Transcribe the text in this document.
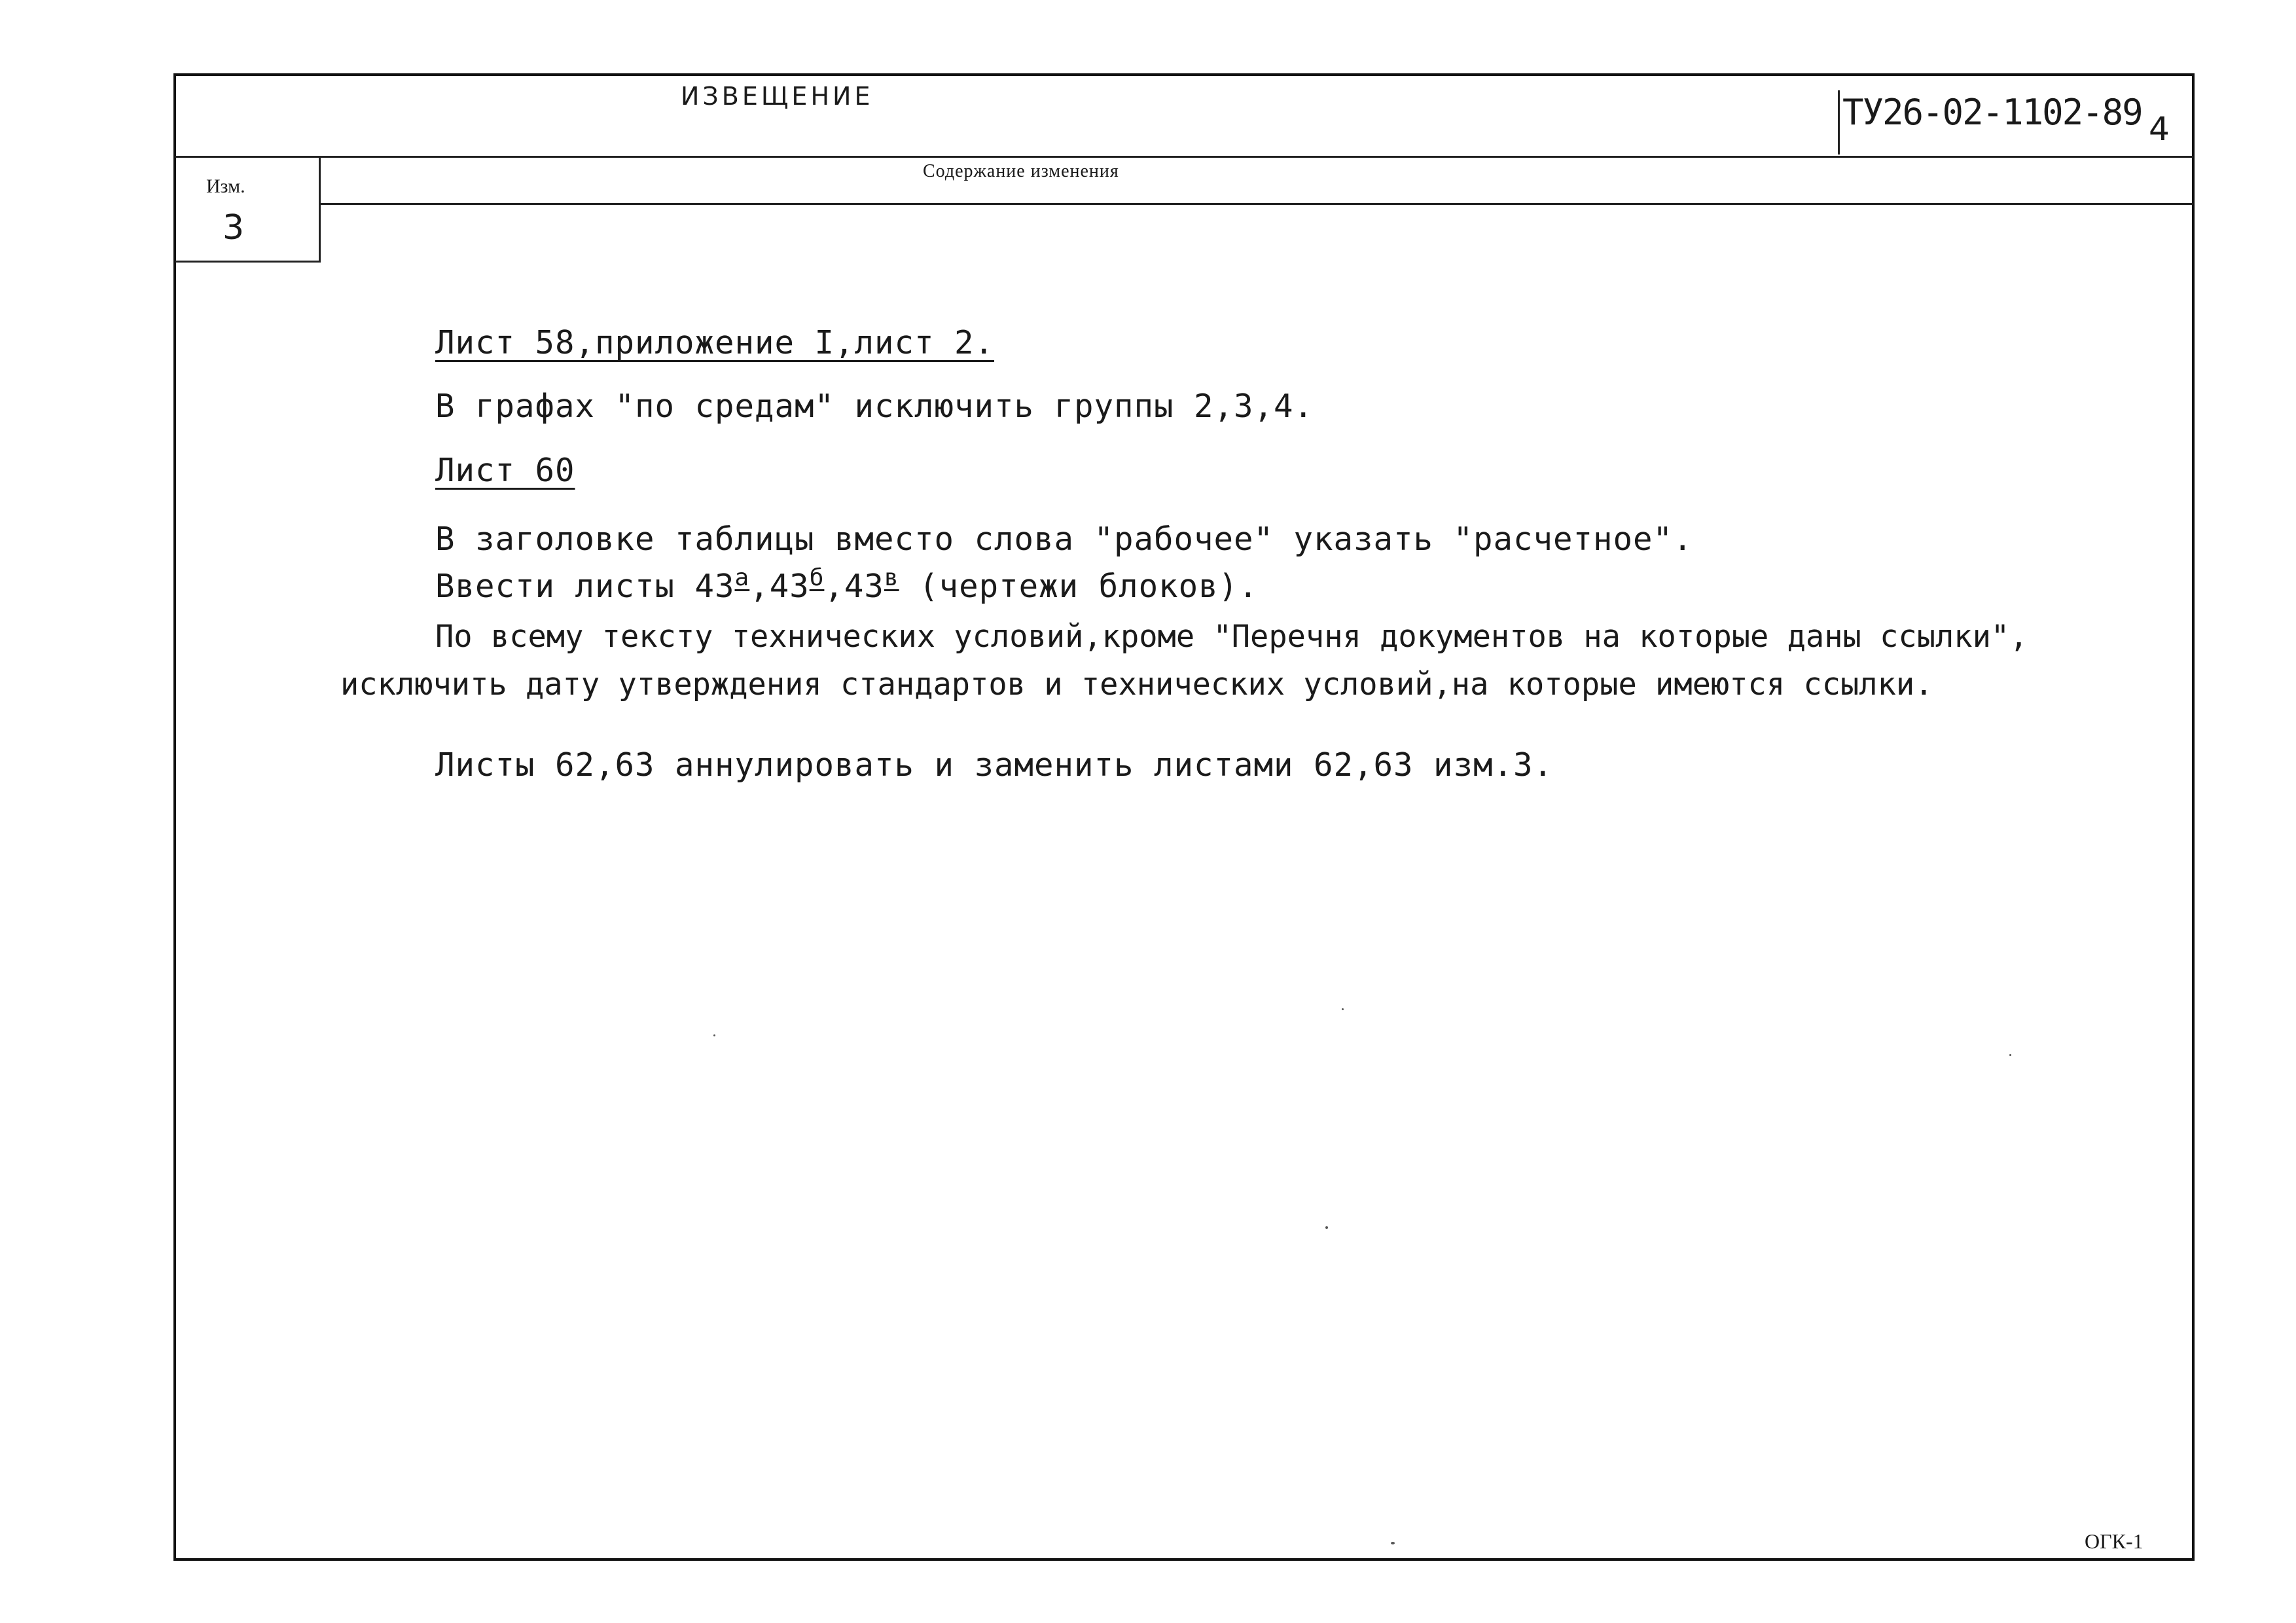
ИЗВЕЩЕНИЕ	ТУ26-02-1102-89 4
Содержание изменения
Изм.
3
Лист 58,приложение I,лист 2.
В графах "по средам" исключить группы 2,3,4.
Лист 60
В заголовке таблицы вместо слова "рабочее" указать "расчетное".
Ввести листы $43^а,43^б,43^в$ (чертежи блоков).
По всему тексту технических условий,кроме "Перечня документов на которые даны ссылки",
исключить дату утверждения стандартов и технических условий,на которые имеются ссылки.
Листы 62,63 аннулировать и заменить листами 62,63 изм.3.
ОГК-1
